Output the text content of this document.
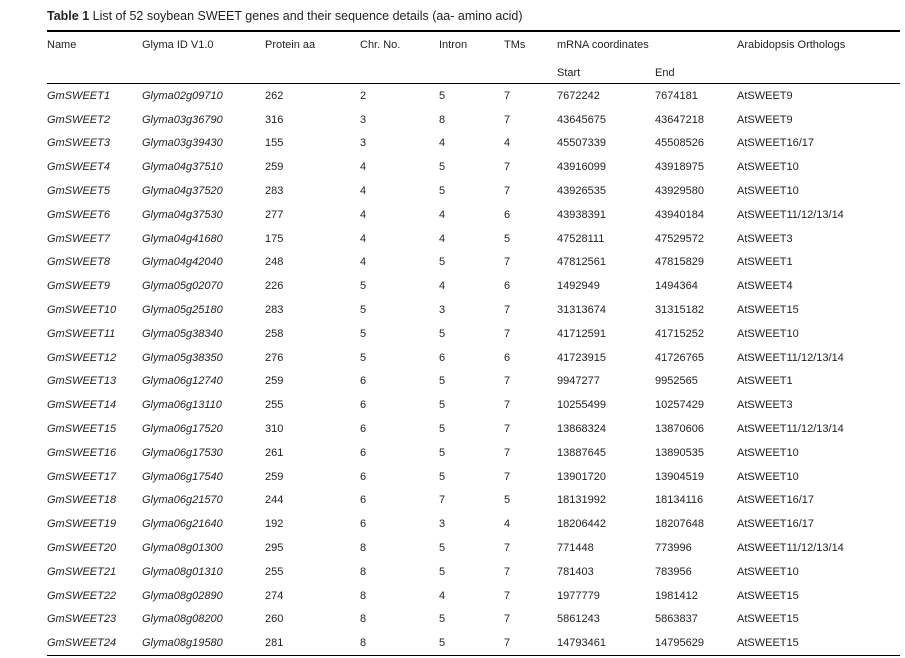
Table 1 List of 52 soybean SWEET genes and their sequence details (aa- amino acid)

Name	Glyma ID V1.0	Protein aa	Chr. No.	Intron	TMs	mRNA coordinates		Arabidopsis Orthologs
						Start	End	
GmSWEET1	Glyma02g09710	262	2	5	7	7672242	7674181	AtSWEET9
GmSWEET2	Glyma03g36790	316	3	8	7	43645675	43647218	AtSWEET9
GmSWEET3	Glyma03g39430	155	3	4	4	45507339	45508526	AtSWEET16/17
GmSWEET4	Glyma04g37510	259	4	5	7	43916099	43918975	AtSWEET10
GmSWEET5	Glyma04g37520	283	4	5	7	43926535	43929580	AtSWEET10
GmSWEET6	Glyma04g37530	277	4	4	6	43938391	43940184	AtSWEET11/12/13/14
GmSWEET7	Glyma04g41680	175	4	4	5	47528111	47529572	AtSWEET3
GmSWEET8	Glyma04g42040	248	4	5	7	47812561	47815829	AtSWEET1
GmSWEET9	Glyma05g02070	226	5	4	6	1492949	1494364	AtSWEET4
GmSWEET10	Glyma05g25180	283	5	3	7	31313674	31315182	AtSWEET15
GmSWEET11	Glyma05g38340	258	5	5	7	41712591	41715252	AtSWEET10
GmSWEET12	Glyma05g38350	276	5	6	6	41723915	41726765	AtSWEET11/12/13/14
GmSWEET13	Glyma06g12740	259	6	5	7	9947277	9952565	AtSWEET1
GmSWEET14	Glyma06g13110	255	6	5	7	10255499	10257429	AtSWEET3
GmSWEET15	Glyma06g17520	310	6	5	7	13868324	13870606	AtSWEET11/12/13/14
GmSWEET16	Glyma06g17530	261	6	5	7	13887645	13890535	AtSWEET10
GmSWEET17	Glyma06g17540	259	6	5	7	13901720	13904519	AtSWEET10
GmSWEET18	Glyma06g21570	244	6	7	5	18131992	18134116	AtSWEET16/17
GmSWEET19	Glyma06g21640	192	6	3	4	18206442	18207648	AtSWEET16/17
GmSWEET20	Glyma08g01300	295	8	5	7	771448	773996	AtSWEET11/12/13/14
GmSWEET21	Glyma08g01310	255	8	5	7	781403	783956	AtSWEET10
GmSWEET22	Glyma08g02890	274	8	4	7	1977779	1981412	AtSWEET15
GmSWEET23	Glyma08g08200	260	8	5	7	5861243	5863837	AtSWEET15
GmSWEET24	Glyma08g19580	281	8	5	7	14793461	14795629	AtSWEET15
